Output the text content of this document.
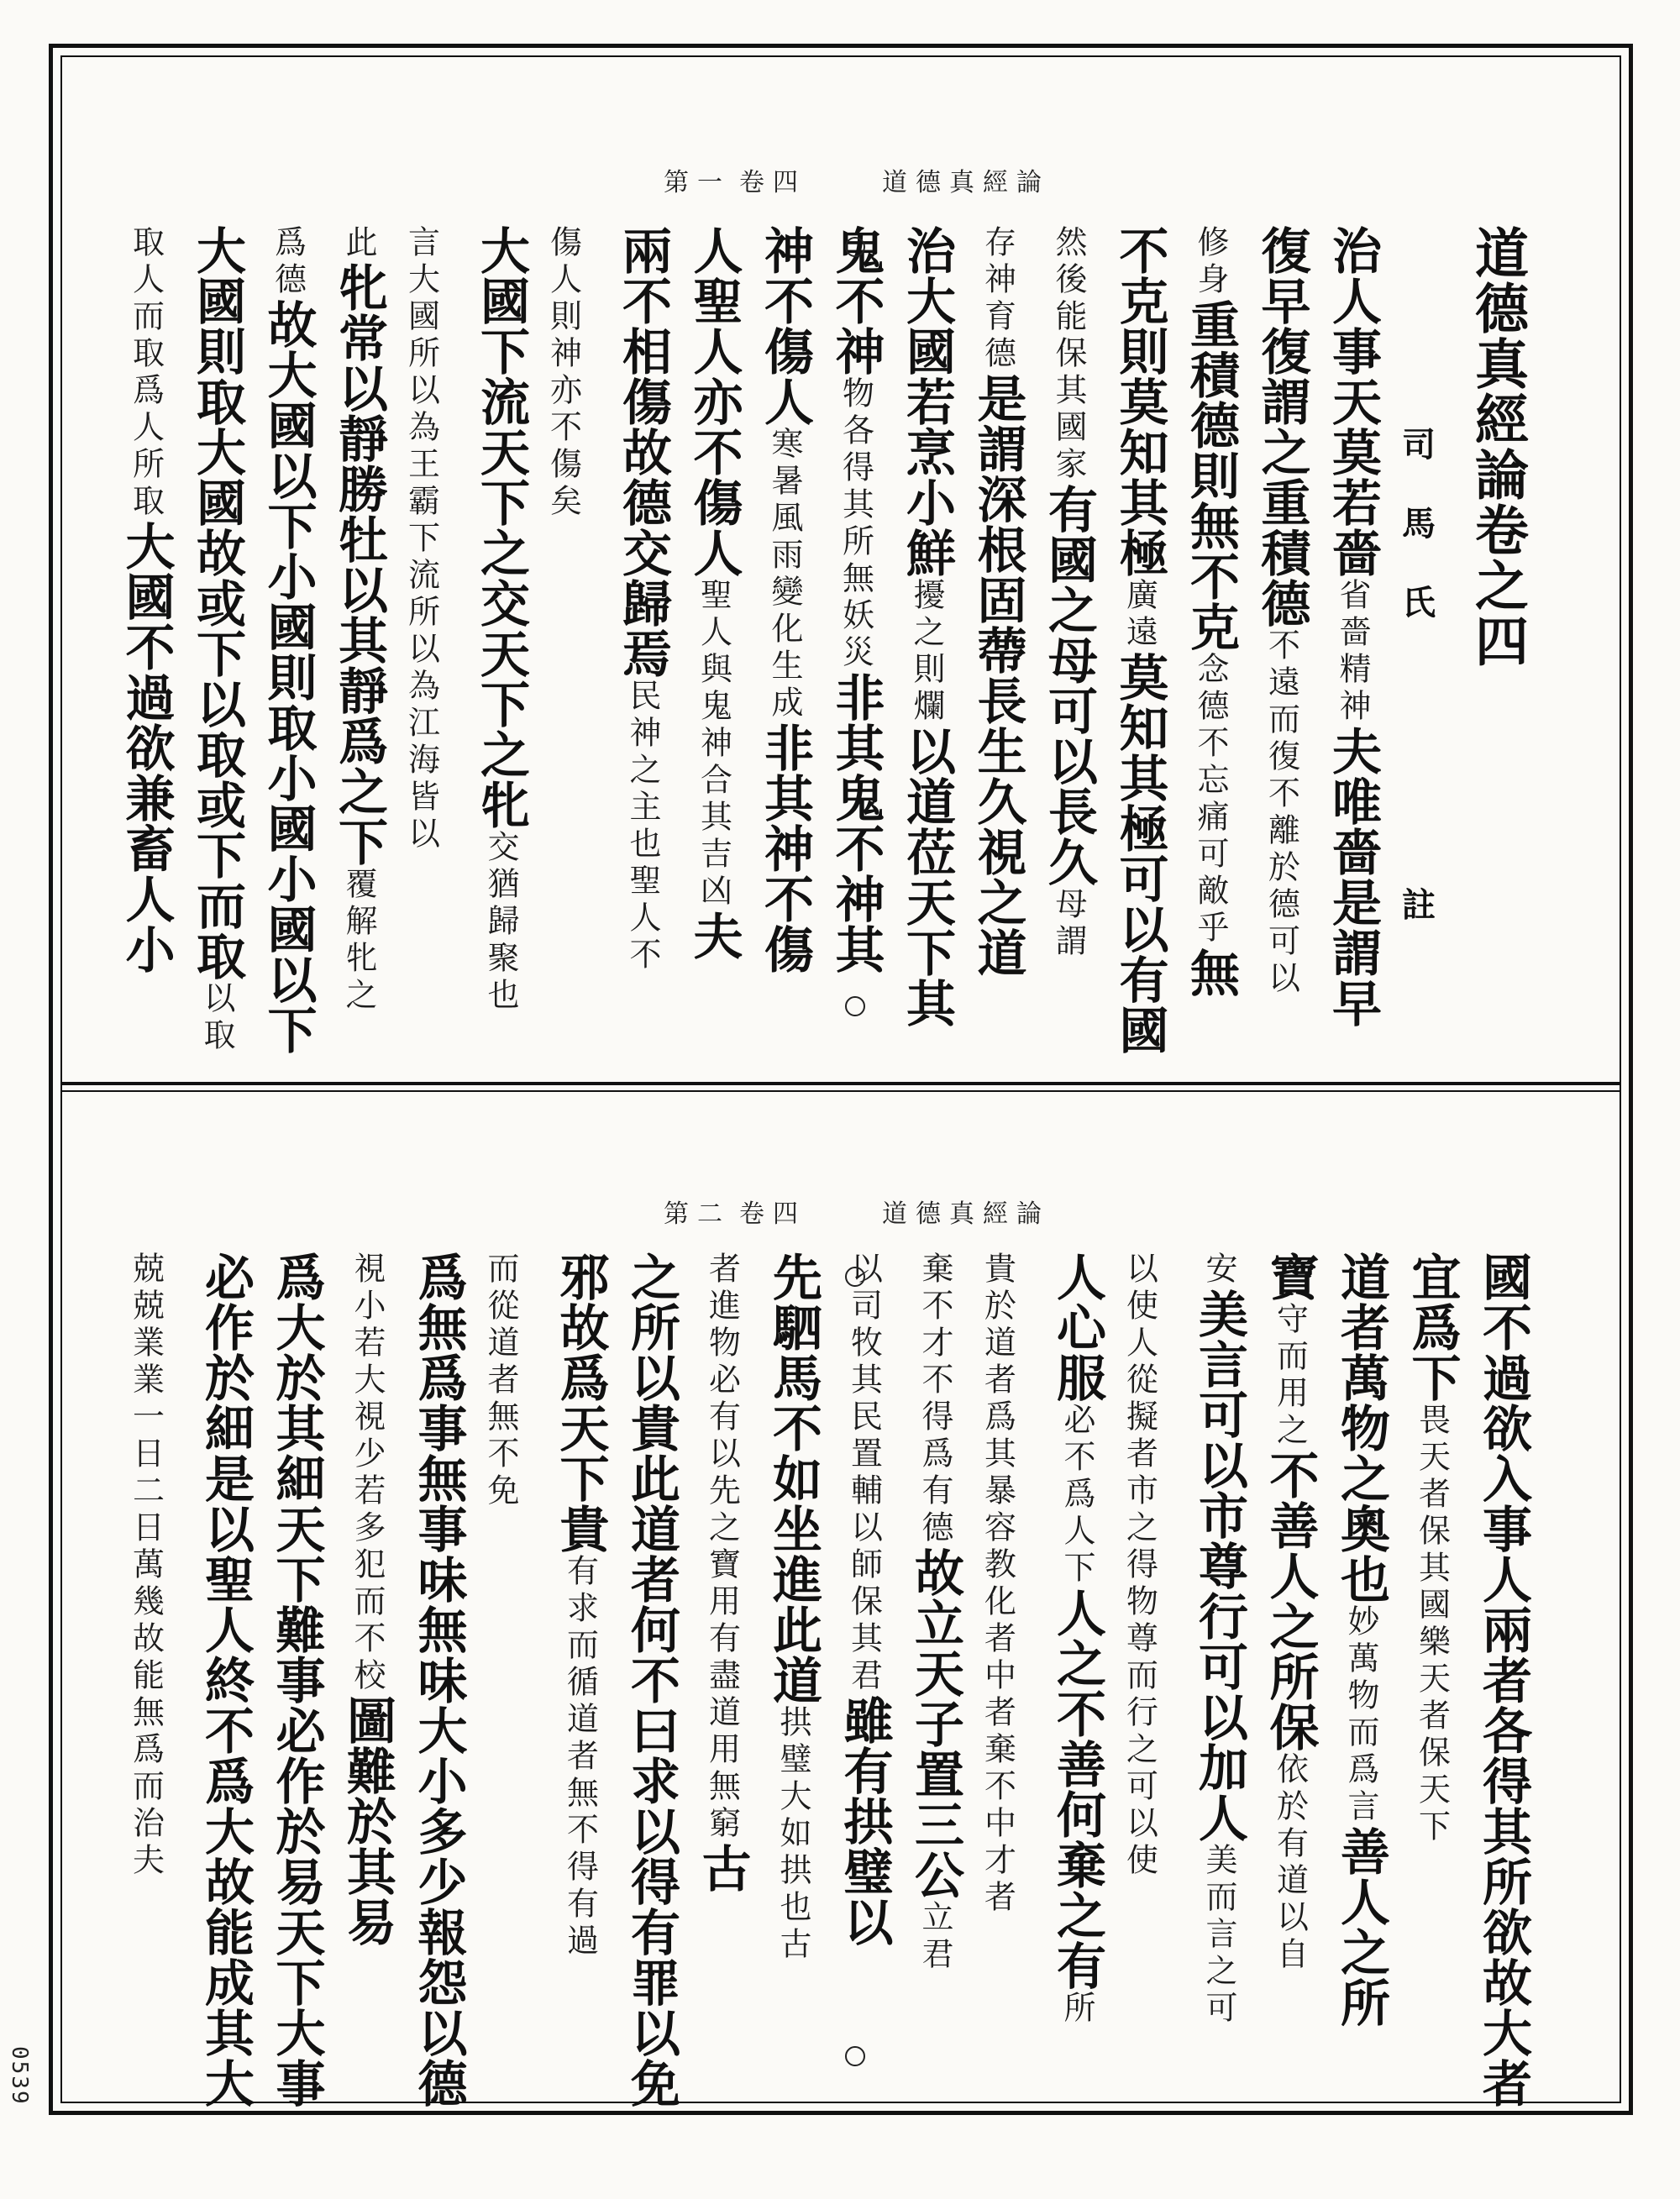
第一 卷四	道德真經論
第二 卷四	道德真經論
道德真經論卷之四
司 馬 氏註
治人事天莫若嗇省嗇精神夫唯嗇是謂早
復早復謂之重積德不遠而復不離於德可以
修身重積德則無不克念德不忘痛可敵乎無
不克則莫知其極廣遠莫知其極可以有國
然後能保其國家有國之母可以長久母謂
存神育德是謂深根固蔕長生久視之道
治大國若烹小鮮擾之則爛以道莅天下其
鬼不神物各得其所無妖災非其鬼不神其
神不傷人寒暑風雨變化生成非其神不傷
人聖人亦不傷人聖人與鬼神合其吉凶夫
兩不相傷故德交歸焉民神之主也聖人不
傷人則神亦不傷矣
大國下流天下之交天下之牝交猶歸聚也
言大國所以為王霸下流所以為江海皆以
此牝常以靜勝牡以其靜爲之下覆解牝之
爲德故大國以下小國則取小國小國以下
大國則取大國故或下以取或下而取以取
取人而取爲人所取大國不過欲兼畜人小
國不過欲入事人兩者各得其所欲故大者
宜爲下畏天者保其國樂天者保天下
道者萬物之奧也妙萬物而爲言善人之所
寶守而用之不善人之所保依於有道以自
安美言可以市尊行可以加人美而言之可
以使人從擬者市之得物尊而行之可以使
人心服必不爲人下人之不善何棄之有所
貴於道者爲其暴容教化者中者棄不中才者
棄不才不得爲有德故立天子置三公立君
以司牧其民置輔以師保其君雖有拱璧以
先駟馬不如坐進此道拱璧大如拱也古
者進物必有以先之寶用有盡道用無窮古
之所以貴此道者何不曰求以得有罪以免
邪故爲天下貴有求而循道者無不得有過
而從道者無不免
爲無爲事無事味無味大小多少報怨以德
視小若大視少若多犯而不校圖難於其易
爲大於其細天下難事必作於易天下大事
必作於細是以聖人終不爲大故能成其大
兢兢業業一日二日萬幾故能無爲而治夫
0539
